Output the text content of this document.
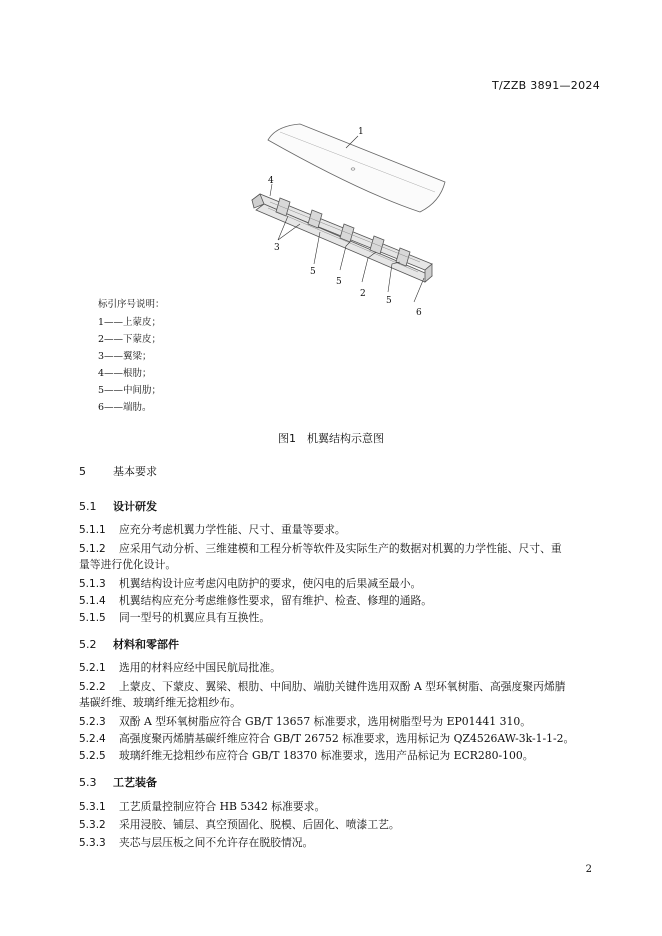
T/ZZB 3891—2024
1
4
3
5
5
2
5
6
标引序号说明：
1——上蒙皮；
2——下蒙皮；
3——翼梁；
4——根肋；
5——中间肋；
6——端肋。
图1　机翼结构示意图
5 基本要求
5.1 设计研发
5.1.1 应充分考虑机翼力学性能、尺寸、重量等要求。
5.1.2 应采用气动分析、三维建模和工程分析等软件及实际生产的数据对机翼的力学性能、尺寸、重
量等进行优化设计。
5.1.3 机翼结构设计应考虑闪电防护的要求，使闪电的后果减至最小。
5.1.4 机翼结构应充分考虑维修性要求，留有维护、检查、修理的通路。
5.1.5 同一型号的机翼应具有互换性。
5.2 材料和零部件
5.2.1 选用的材料应经中国民航局批准。
5.2.2 上蒙皮、下蒙皮、翼梁、根肋、中间肋、端肋关键件选用双酚 A 型环氧树脂、高强度聚丙烯腈
基碳纤维、玻璃纤维无捻粗纱布。
5.2.3 双酚 A 型环氧树脂应符合 GB/T 13657 标准要求，选用树脂型号为 EP01441 310。
5.2.4 高强度聚丙烯腈基碳纤维应符合 GB/T 26752 标准要求，选用标记为 QZ4526AW-3k-1-1-2。
5.2.5 玻璃纤维无捻粗纱布应符合 GB/T 18370 标准要求，选用产品标记为 ECR280-100。
5.3 工艺装备
5.3.1 工艺质量控制应符合 HB 5342 标准要求。
5.3.2 采用浸胶、铺层、真空预固化、脱模、后固化、喷漆工艺。
5.3.3 夹芯与层压板之间不允许存在脱胶情况。
2
